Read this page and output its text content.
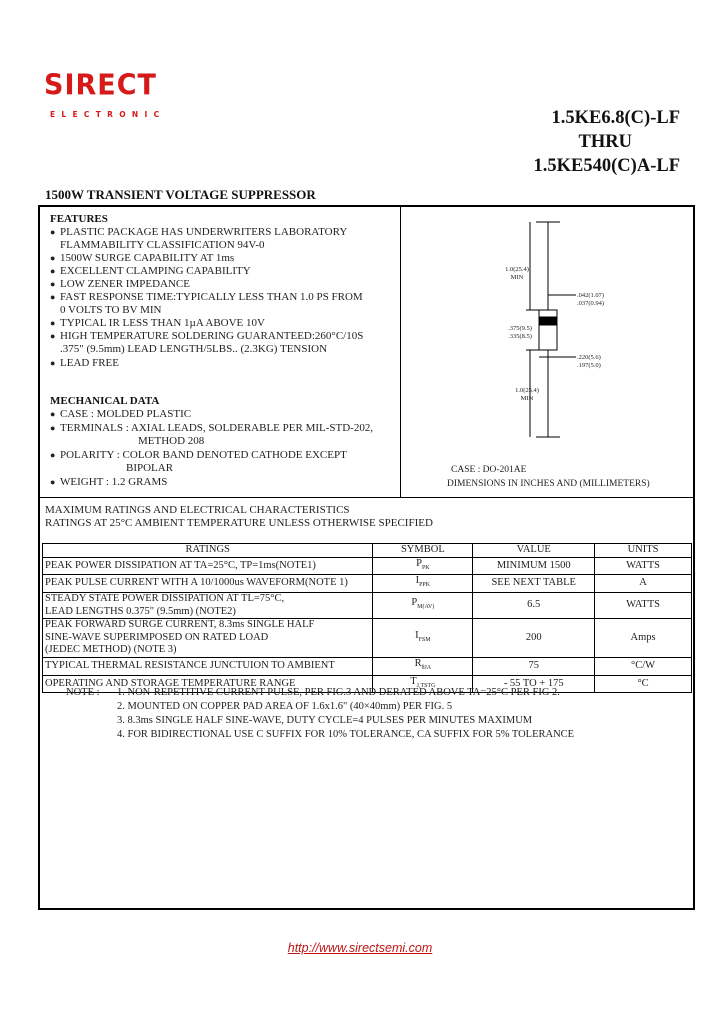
SIRECT
ELECTRONIC	1.5KE6.8(C)-LF
THRU
1.5KE540(C)A-LF
1500W TRANSIENT VOLTAGE SUPPRESSOR
FEATURES
● PLASTIC PACKAGE HAS UNDERWRITERS LABORATORY
FLAMMABILITY CLASSIFICATION 94V-0
● 1500W SURGE CAPABILITY AT 1ms
● EXCELLENT CLAMPING CAPABILITY
● LOW ZENER IMPEDANCE
● FAST RESPONSE TIME:TYPICALLY LESS THAN 1.0 PS FROM
0 VOLTS TO BV MIN
● TYPICAL IR LESS THAN 1µA ABOVE 10V
● HIGH TEMPERATURE SOLDERING GUARANTEED:260°C/10S
.375" (9.5mm) LEAD LENGTH/5LBS.. (2.3KG) TENSION
● LEAD FREE
MECHANICAL DATA
● CASE : MOLDED PLASTIC
● TERMINALS : AXIAL LEADS, SOLDERABLE PER MIL-STD-202,
METHOD 208
● POLARITY : COLOR BAND DENOTED CATHODE EXCEPT
BIPOLAR
● WEIGHT : 1.2 GRAMS
1.0(25.4)
MIN
.042(1.07)
.037(0.94)
.375(9.5)
.335(8.5)
.220(5.6)
.197(5.0)
1.0(25.4)
MIN
CASE : DO-201AE
DIMENSIONS IN INCHES AND (MILLIMETERS)
MAXIMUM RATINGS AND ELECTRICAL CHARACTERISTICS
RATINGS AT 25°C AMBIENT TEMPERATURE UNLESS OTHERWISE SPECIFIED
RATINGS	SYMBOL	VALUE	UNITS

PEAK POWER DISSIPATION AT TA=25°C, TP=1ms(NOTE1)	$P_{PK}$	MINIMUM 1500	WATTS

PEAK PULSE CURRENT WITH A 10/1000us WAVEFORM(NOTE 1)	$I_{PPK}$	SEE NEXT TABLE	A

STEADY STATE POWER DISSIPATION AT TL=75°C,
LEAD LENGTHS 0.375" (9.5mm) (NOTE2)	$P_{M(AV)}$	6.5	WATTS

PEAK FORWARD SURGE CURRENT, 8.3ms SINGLE HALF
SINE-WAVE SUPERIMPOSED ON RATED LOAD
(JEDEC METHOD) (NOTE 3)	$I_{FSM}$	200	Amps

TYPICAL THERMAL RESISTANCE JUNCTUION TO AMBIENT	$R_{\theta JA}$	75	°C/W

OPERATING AND STORAGE TEMPERATURE RANGE	$T_{J,TSTG}$	- 55 TO + 175	°C
NOTE : 1. NON-REPETITIVE CURRENT PULSE, PER FIG.3 AND DERATED ABOVE TA=25°C PER FIG 2.
2. MOUNTED ON COPPER PAD AREA OF 1.6x1.6" (40×40mm) PER FIG. 5
3. 8.3ms SINGLE HALF SINE-WAVE, DUTY CYCLE=4 PULSES PER MINUTES MAXIMUM
4. FOR BIDIRECTIONAL USE C SUFFIX FOR 10% TOLERANCE, CA SUFFIX FOR 5% TOLERANCE
http://www.sirectsemi.com
